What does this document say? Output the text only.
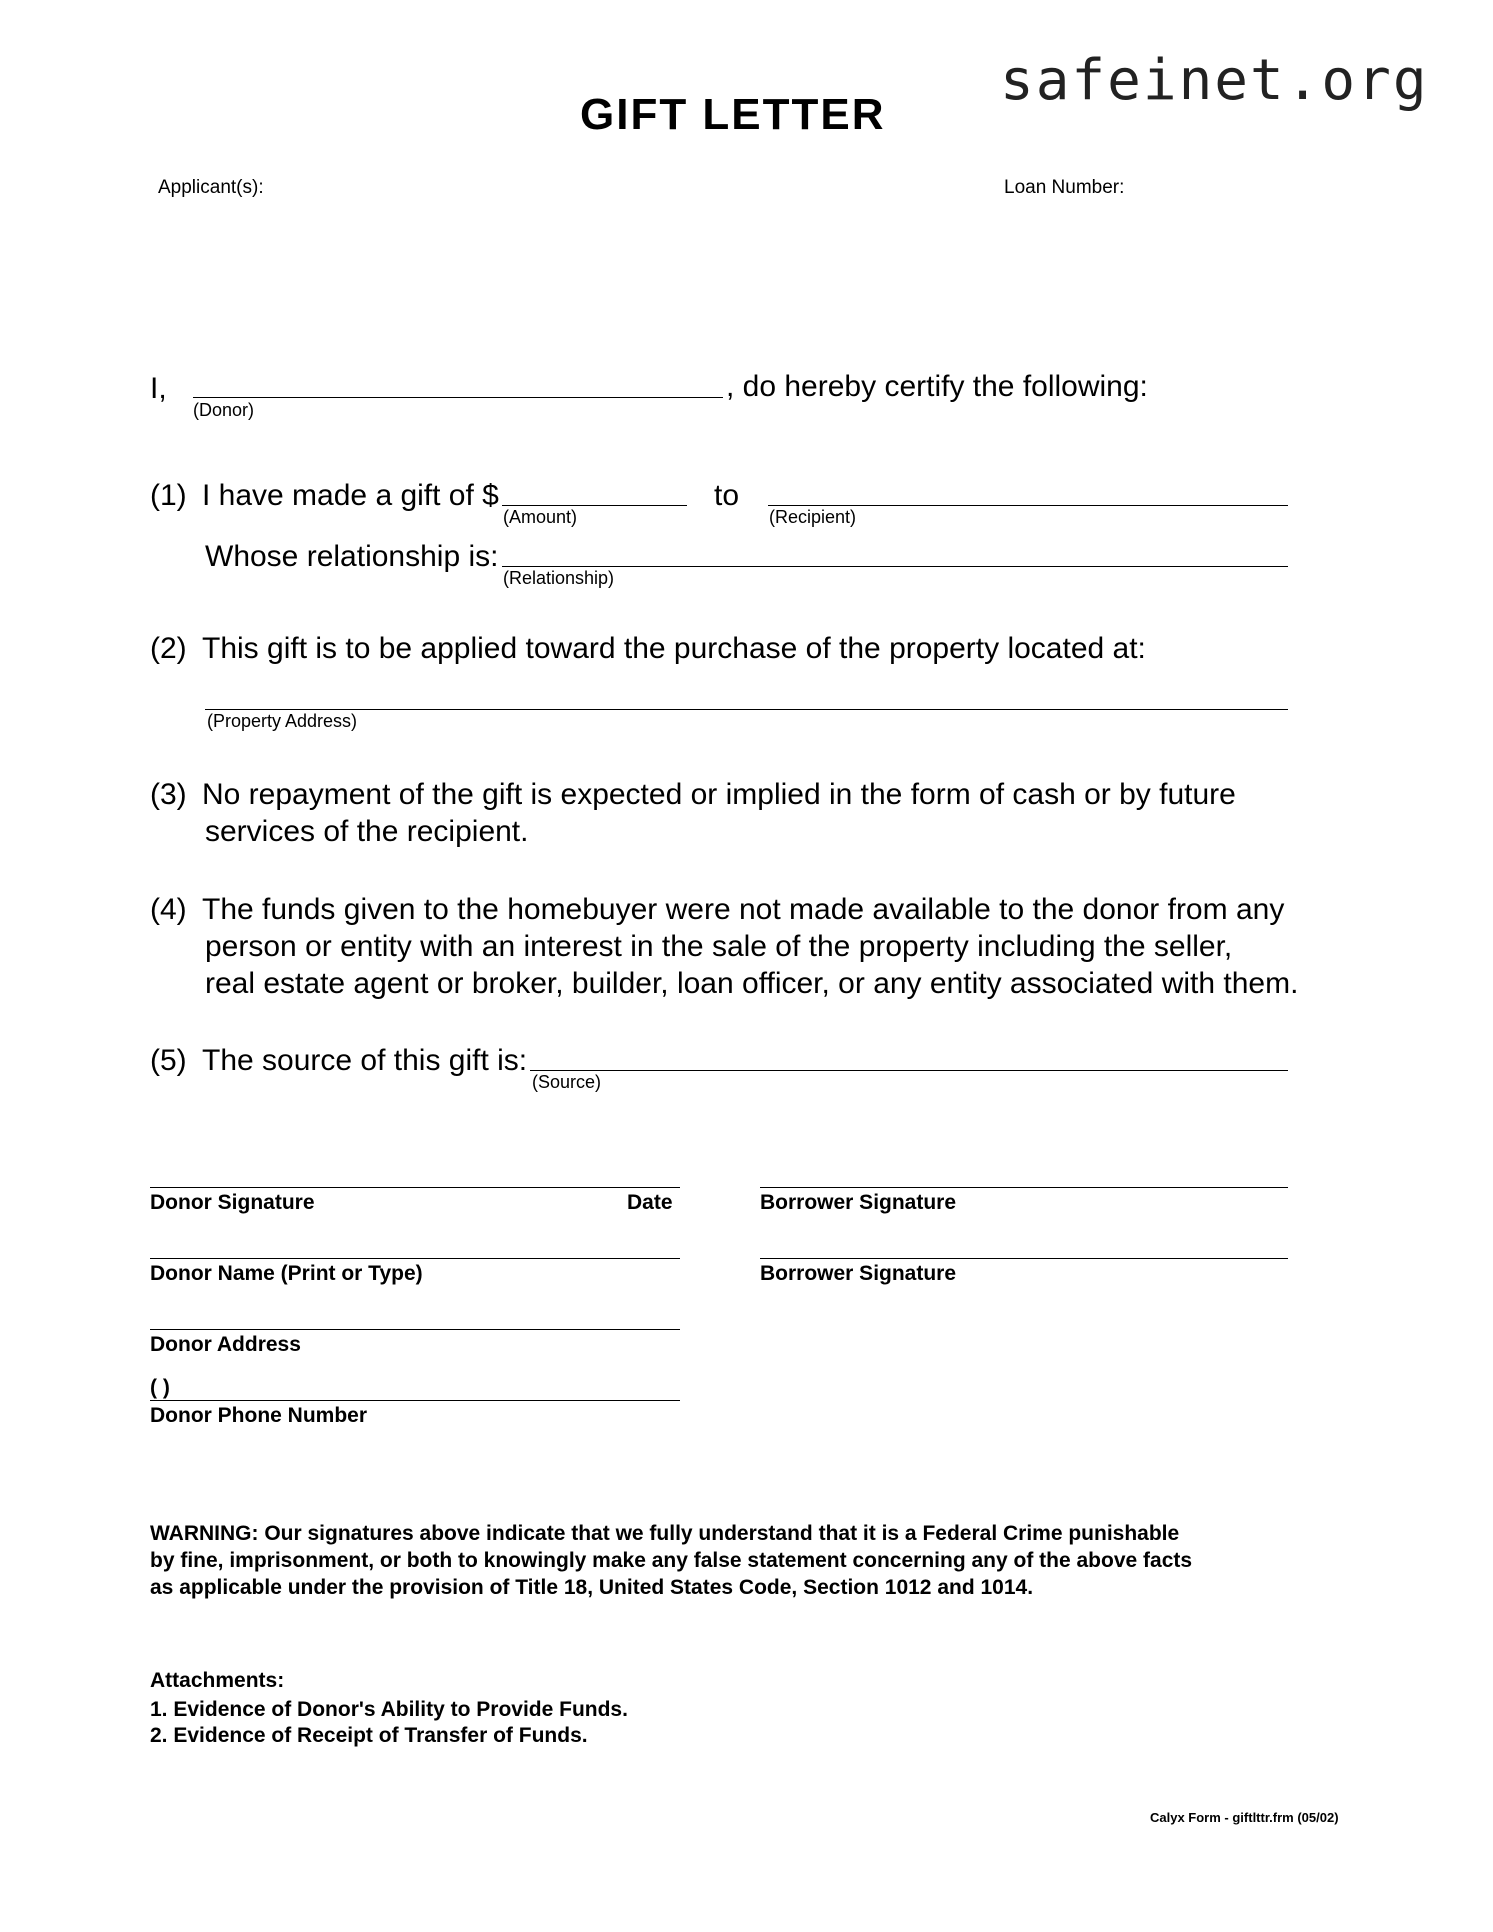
safeinet.org
GIFT LETTER
Applicant(s):	Loan Number:
I,	, do hereby certify the following:
(Donor)
(1) I have made a gift of $
(Amount)
to
(Recipient)
Whose relationship is:
(Relationship)
(2) This gift is to be applied toward the purchase of the property located at:
(Property Address)
(3) No repayment of the gift is expected or implied in the form of cash or by future
services of the recipient.
(4) The funds given to the homebuyer were not made available to the donor from any
person or entity with an interest in the sale of the property including the seller,
real estate agent or broker, builder, loan officer, or any entity associated with them.
(5) The source of this gift is:
(Source)
Donor Signature	Date	Borrower Signature
Donor Name (Print or Type)	Borrower Signature
Donor Address
( )
Donor Phone Number
WARNING: Our signatures above indicate that we fully understand that it is a Federal Crime punishable
by fine, imprisonment, or both to knowingly make any false statement concerning any of the above facts
as applicable under the provision of Title 18, United States Code, Section 1012 and 1014.
Attachments:
1. Evidence of Donor's Ability to Provide Funds.
2. Evidence of Receipt of Transfer of Funds.
Calyx Form - giftlttr.frm (05/02)
